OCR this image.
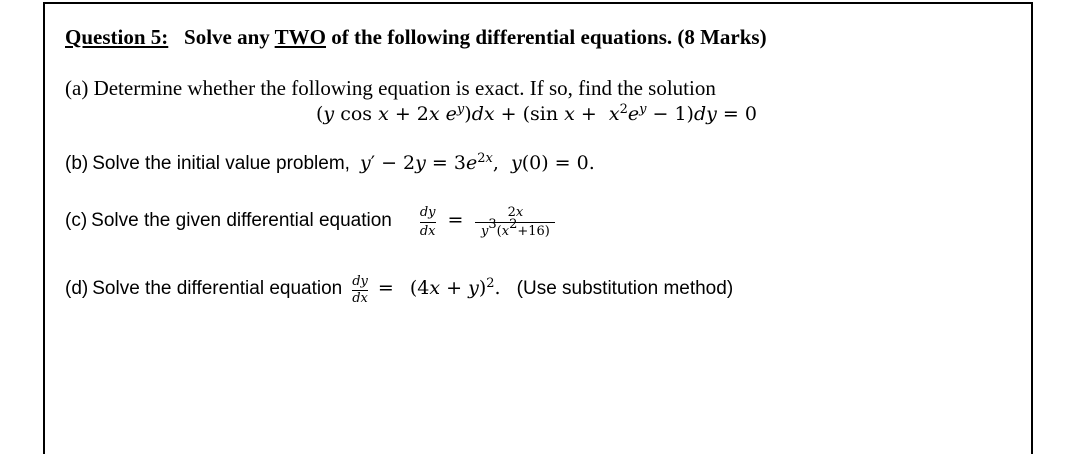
Question 5: Solve any TWO of the following differential equations. (8 Marks)
(a) Determine whether the following equation is exact. If so, find the solution
(y cos x + 2x $e^y)dx + (\sin$ $x + x^2e^y - 1)dy = 0$
(b) Solve the initial value problem, $y' - 2y = 3e^{2x}$,  y(0) = 0.
(c) Solve the given differential equation $\frac{dy}{dx} = \frac{2x}{y^3(x^2+16)}$
(d) Solve the differential equation $\frac{dy}{dx} = (4x + y)^2$.   (Use substitution method)
